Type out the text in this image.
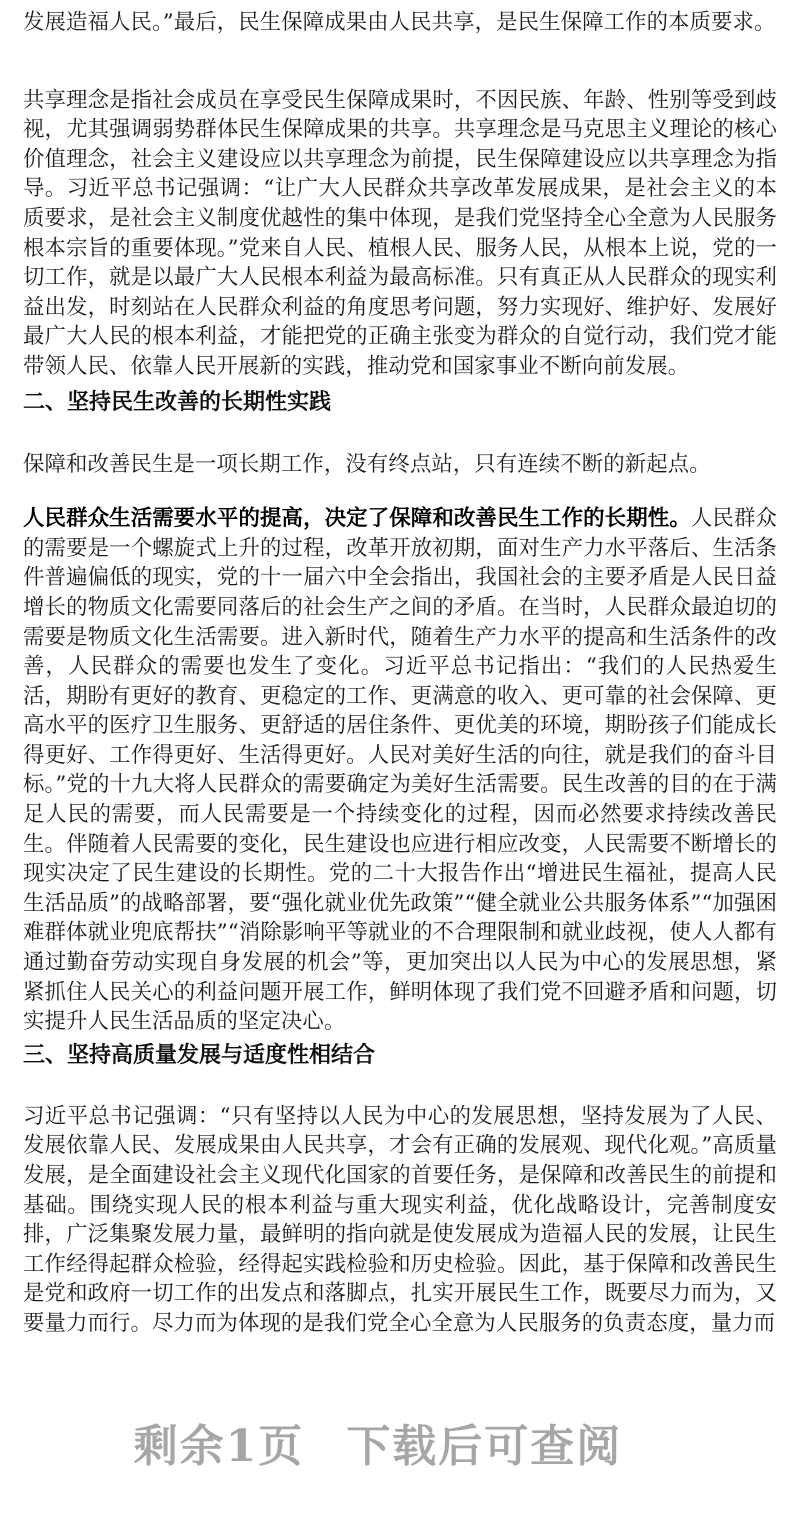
发展造福人民。”最后，民生保障成果由人民共享，是民生保障工作的本质要求。

共享理念是指社会成员在享受民生保障成果时，不因民族、年龄、性别等受到歧视，尤其强调弱势群体民生保障成果的共享。共享理念是马克思主义理论的核心价值理念，社会主义建设应以共享理念为前提，民生保障建设应以共享理念为指导。习近平总书记强调：“让广大人民群众共享改革发展成果，是社会主义的本质要求，是社会主义制度优越性的集中体现，是我们党坚持全心全意为人民服务根本宗旨的重要体现。”党来自人民、植根人民、服务人民，从根本上说，党的一切工作，就是以最广大人民根本利益为最高标准。只有真正从人民群众的现实利益出发，时刻站在人民群众利益的角度思考问题，努力实现好、维护好、发展好最广大人民的根本利益，才能把党的正确主张变为群众的自觉行动，我们党才能带领人民、依靠人民开展新的实践，推动党和国家事业不断向前发展。

二、坚持民生改善的长期性实践

保障和改善民生是一项长期工作，没有终点站，只有连续不断的新起点。

人民群众生活需要水平的提高，决定了保障和改善民生工作的长期性。人民群众的需要是一个螺旋式上升的过程，改革开放初期，面对生产力水平落后、生活条件普遍偏低的现实，党的十一届六中全会指出，我国社会的主要矛盾是人民日益增长的物质文化需要同落后的社会生产之间的矛盾。在当时，人民群众最迫切的需要是物质文化生活需要。进入新时代，随着生产力水平的提高和生活条件的改善，人民群众的需要也发生了变化。习近平总书记指出：“我们的人民热爱生活，期盼有更好的教育、更稳定的工作、更满意的收入、更可靠的社会保障、更高水平的医疗卫生服务、更舒适的居住条件、更优美的环境，期盼孩子们能成长得更好、工作得更好、生活得更好。人民对美好生活的向往，就是我们的奋斗目标。”党的十九大将人民群众的需要确定为美好生活需要。民生改善的目的在于满足人民的需要，而人民需要是一个持续变化的过程，因而必然要求持续改善民生。伴随着人民需要的变化，民生建设也应进行相应改变，人民需要不断增长的现实决定了民生建设的长期性。党的二十大报告作出“增进民生福祉，提高人民生活品质”的战略部署，要“强化就业优先政策”“健全就业公共服务体系”“加强困难群体就业兜底帮扶”“消除影响平等就业的不合理限制和就业歧视，使人人都有通过勤奋劳动实现自身发展的机会”等，更加突出以人民为中心的发展思想，紧紧抓住人民关心的利益问题开展工作，鲜明体现了我们党不回避矛盾和问题，切实提升人民生活品质的坚定决心。

三、坚持高质量发展与适度性相结合

习近平总书记强调：“只有坚持以人民为中心的发展思想，坚持发展为了人民、发展依靠人民、发展成果由人民共享，才会有正确的发展观、现代化观。”高质量发展，是全面建设社会主义现代化国家的首要任务，是保障和改善民生的前提和基础。围绕实现人民的根本利益与重大现实利益，优化战略设计，完善制度安排，广泛集聚发展力量，最鲜明的指向就是使发展成为造福人民的发展，让民生工作经得起群众检验，经得起实践检验和历史检验。因此，基于保障和改善民生是党和政府一切工作的出发点和落脚点，扎实开展民生工作，既要尽力而为，又要量力而行。尽力而为体现的是我们党全心全意为人民服务的负责态度，量力而

剩余1页 下载后可查阅
